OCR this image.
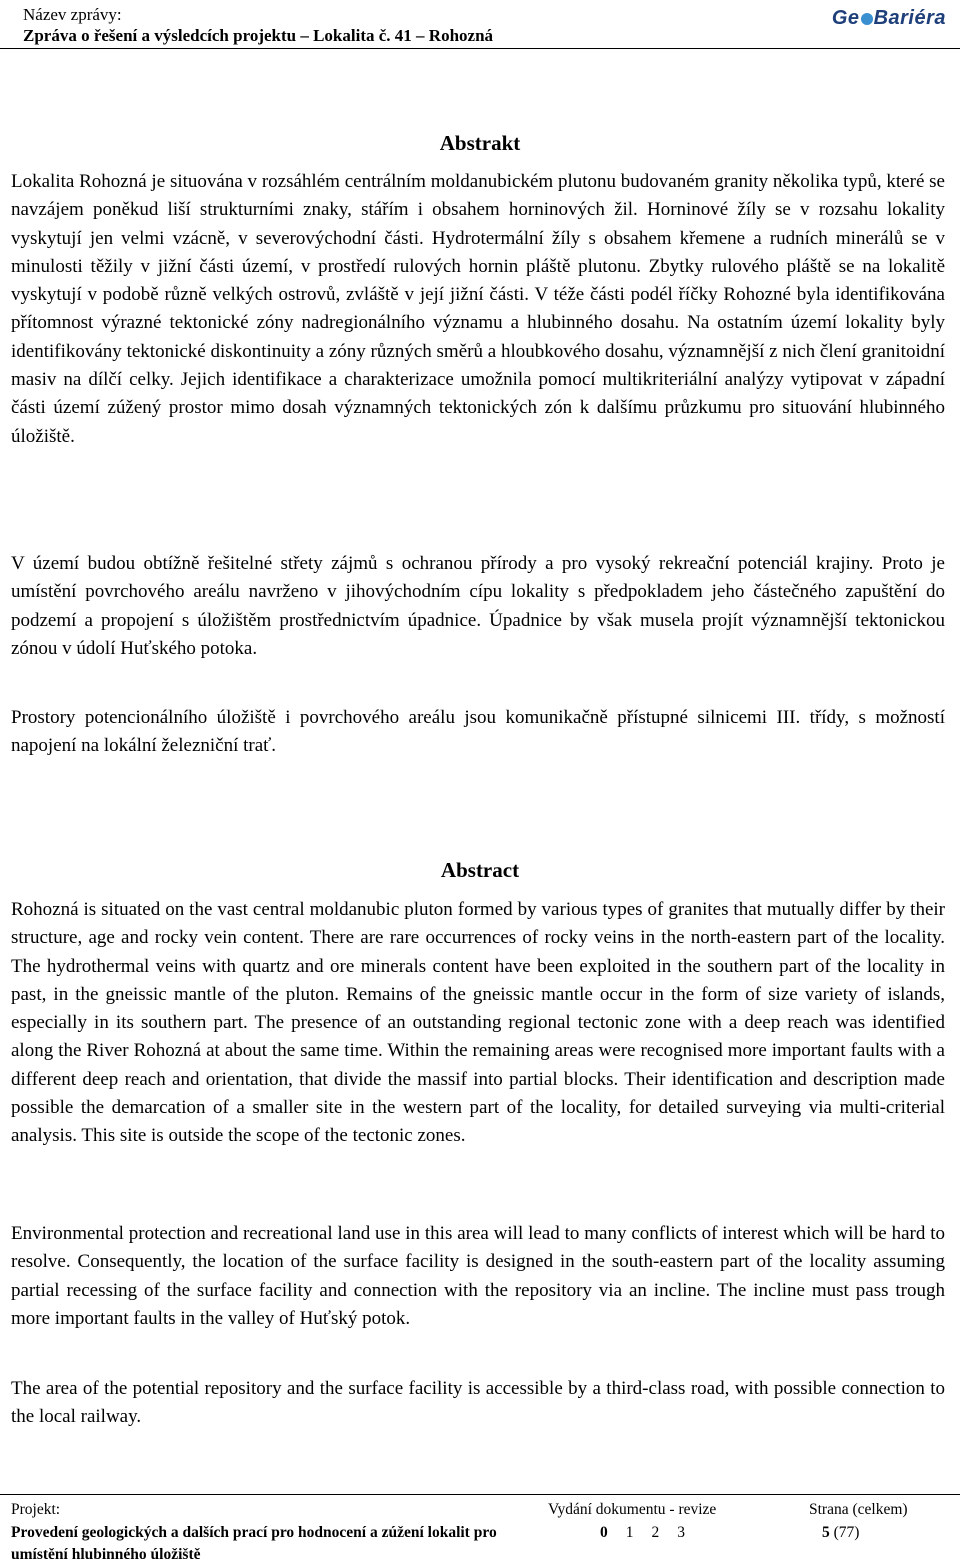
Název zprávy:
Zpráva o řešení a výsledcích projektu – Lokalita č. 41 – Rohozná
Ge Bariéra
Abstrakt

Lokalita Rohozná je situována v rozsáhlém centrálním moldanubickém plutonu budovaném granity několika typů, které se navzájem poněkud liší strukturními znaky, stářím i obsahem horninových žil. Horninové žíly se v rozsahu lokality vyskytují jen velmi vzácně, v severovýchodní části. Hydrotermální žíly s obsahem křemene a rudních minerálů se v minulosti těžily v jižní části území, v prostředí rulových hornin pláště plutonu. Zbytky rulového pláště se na lokalitě vyskytují v podobě různě velkých ostrovů, zvláště v její jižní části. V téže části podél říčky Rohozné byla identifikována přítomnost výrazné tektonické zóny nadregionálního významu a hlubinného dosahu. Na ostatním území lokality byly identifikovány tektonické diskontinuity a zóny různých směrů a hloubkového dosahu, významnější z nich člení granitoidní masiv na dílčí celky. Jejich identifikace a charakterizace umožnila pomocí multikriteriální analýzy vytipovat v západní části území zúžený prostor mimo dosah významných tektonických zón k dalšímu průzkumu pro situování hlubinného úložiště.

V území budou obtížně řešitelné střety zájmů s ochranou přírody a pro vysoký rekreační potenciál krajiny. Proto je umístění povrchového areálu navrženo v jihovýchodním cípu lokality s předpokladem jeho částečného zapuštění do podzemí a propojení s úložištěm prostřednictvím úpadnice. Úpadnice by však musela projít významnější tektonickou zónou v údolí Huťského potoka.

Prostory potencionálního úložiště i povrchového areálu jsou komunikačně přístupné silnicemi III. třídy, s možností napojení na lokální železniční trať.

Abstract

Rohozná is situated on the vast central moldanubic pluton formed by various types of granites that mutually differ by their structure, age and rocky vein content. There are rare occurrences of rocky veins in the north-eastern part of the locality. The hydrothermal veins with quartz and ore minerals content have been exploited in the southern part of the locality in past, in the gneissic mantle of the pluton. Remains of the gneissic mantle occur in the form of size variety of islands, especially in its southern part. The presence of an outstanding regional tectonic zone with a deep reach was identified along the River Rohozná at about the same time. Within the remaining areas were recognised more important faults with a different deep reach and orientation, that divide the massif into partial blocks. Their identification and description made possible the demarcation of a smaller site in the western part of the locality, for detailed surveying via multi-criterial analysis. This site is outside the scope of the tectonic zones.

Environmental protection and recreational land use in this area will lead to many conflicts of interest which will be hard to resolve. Consequently, the location of the surface facility is designed in the south-eastern part of the locality assuming partial recessing of the surface facility and connection with the repository via an incline. The incline must pass trough more important faults in the valley of Huťský potok.

The area of the potential repository and the surface facility is accessible by a third-class road, with possible connection to the local railway.

Projekt:
Provedení geologických a dalších prací pro hodnocení a zúžení lokalit pro umístění hlubinného úložiště
Vydání dokumentu - revize
0 1 2 3
Strana (celkem)
5 (77)
